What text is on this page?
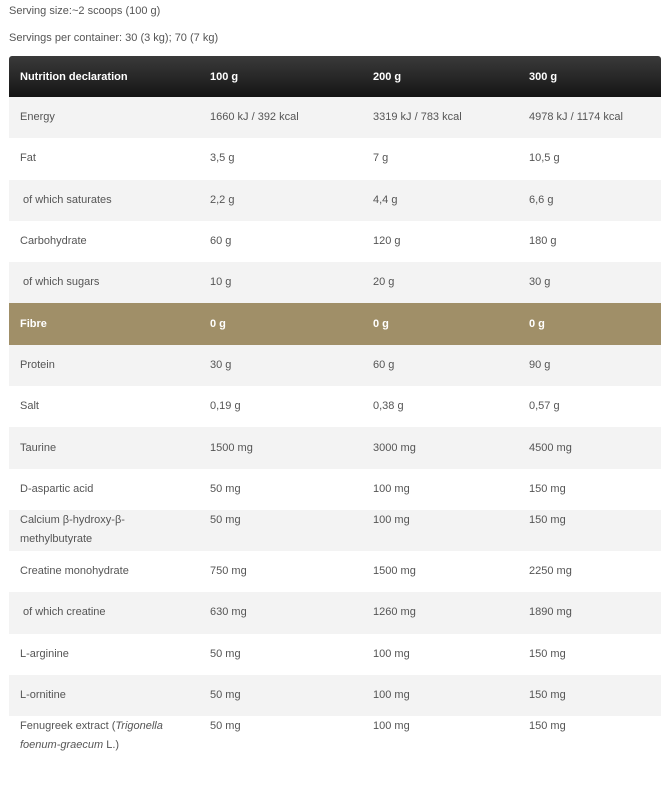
Serving size:~2 scoops (100 g)
Servings per container: 30 (3 kg); 70 (7 kg)
Nutrition declaration	100 g	200 g	300 g
Energy	1660 kJ / 392 kcal	3319 kJ / 783 kcal	4978 kJ / 1174 kcal
Fat	3,5 g	7 g	10,5 g
of which saturates	2,2 g	4,4 g	6,6 g
Carbohydrate	60 g	120 g	180 g
of which sugars	10 g	20 g	30 g
Fibre	0 g	0 g	0 g
Protein	30 g	60 g	90 g
Salt	0,19 g	0,38 g	0,57 g
Taurine	1500 mg	3000 mg	4500 mg
D-aspartic acid	50 mg	100 mg	150 mg
Calcium β-hydroxy-β-
methylbutyrate	50 mg	100 mg	150 mg
Creatine monohydrate	750 mg	1500 mg	2250 mg
of which creatine	630 mg	1260 mg	1890 mg
L-arginine	50 mg	100 mg	150 mg
L-ornitine	50 mg	100 mg	150 mg
Fenugreek extract (Trigonella
foenum-graecum L.)	50 mg	100 mg	150 mg
